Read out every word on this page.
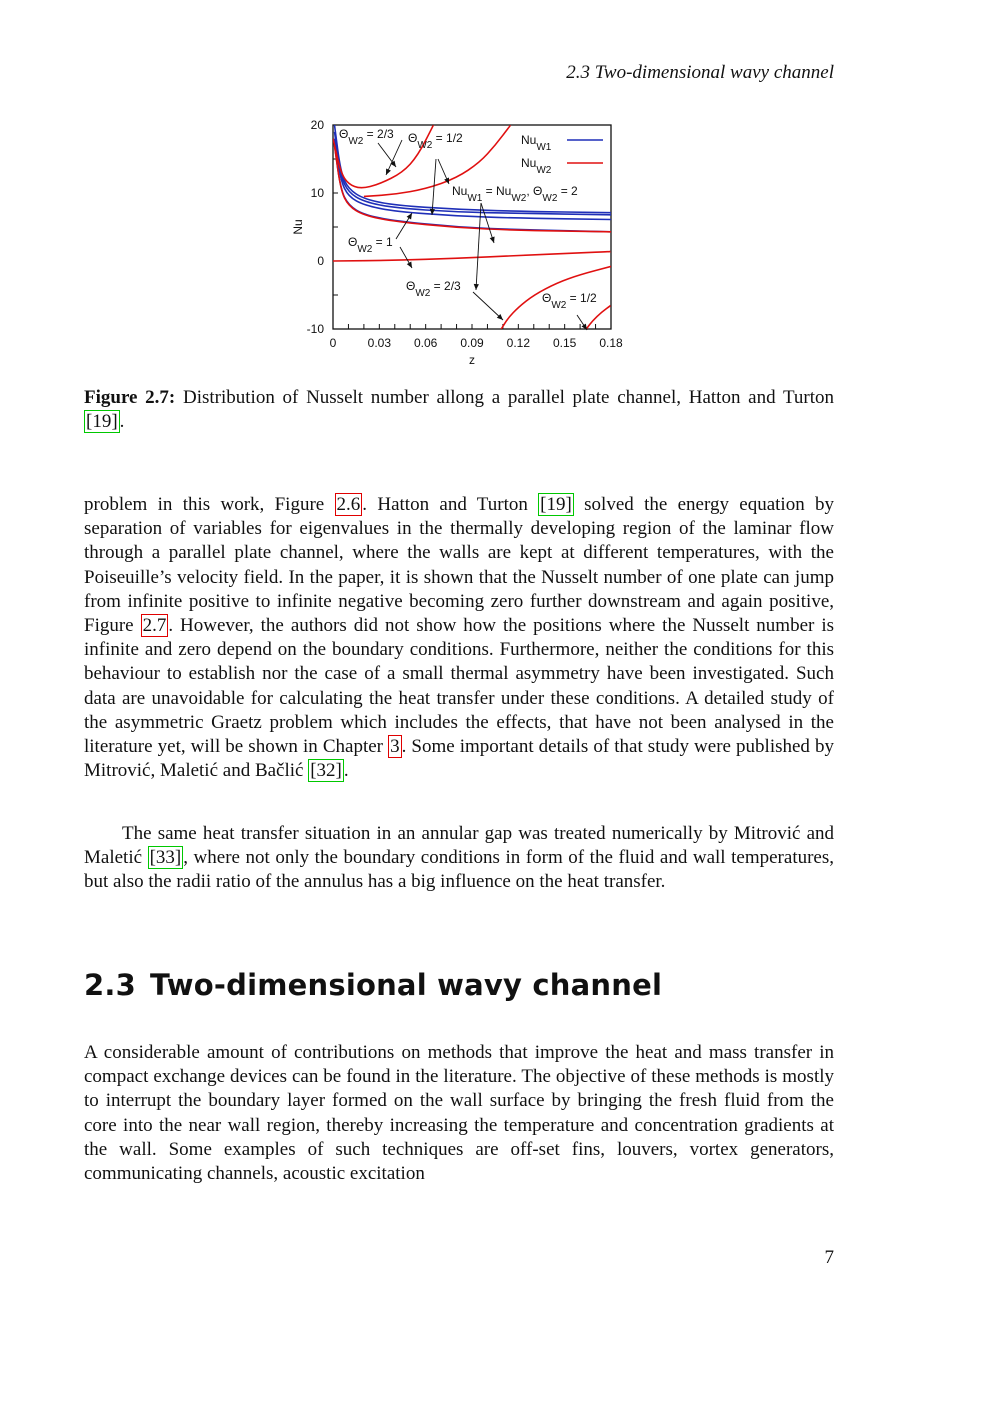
2.3 Two-dimensional wavy channel
0	0.03 0.06 0.09 0.12 0.15 0.18
20
10
0
-10
z
Nu
$Nu_{W1}$
$Nu_{W2}$
$\Theta_{W2} = 2/3$ $\Theta_{W2} = 1/2$
$Nu_{W1} = Nu_{W2}$, $\Theta_{W2} = 2$
$\Theta_{W2} = 1$
$\Theta_{W2} = 2/3$
$\Theta_{W2} = 1/2$
Figure 2.7: Distribution of Nusselt number allong a parallel plate channel, Hatton and Turton [19] .

problem in this work, Figure 2.6 . Hatton and Turton [19] solved the energy equation by separation of variables for eigenvalues in the thermally developing region of the laminar flow through a parallel plate channel, where the walls are kept at different temperatures, with the Poiseuille’s velocity field. In the paper, it is shown that the Nusselt number of one plate can jump from infinite positive to infinite negative becoming zero further downstream and again positive, Figure 2.7 . However, the authors did not show how the positions where the Nusselt number is infinite and zero depend on the boundary conditions. Furthermore, neither the conditions for this behaviour to establish nor the case of a small thermal asymmetry have been investigated. Such data are unavoidable for calculating the heat transfer under these conditions. A detailed study of the asymmetric Graetz problem which includes the effects, that have not been analysed in the literature yet, will be shown in Chapter 3 . Some important details of that study were published by Mitrović, Maletić and Bačlić [32] .

The same heat transfer situation in an annular gap was treated numerically by Mitrović and Maletić [33] , where not only the boundary conditions in form of the fluid and wall temperatures, but also the radii ratio of the annulus has a big influence on the heat transfer.

2.3 Two-dimensional wavy channel

A considerable amount of contributions on methods that improve the heat and mass transfer in compact exchange devices can be found in the literature. The objective of these methods is mostly to interrupt the boundary layer formed on the wall surface by bringing the fresh fluid from the core into the near wall region, thereby increasing the temperature and concentration gradients at the wall. Some examples of such techniques are off-set fins, louvers, vortex generators, communicating channels, acoustic excitation

7
